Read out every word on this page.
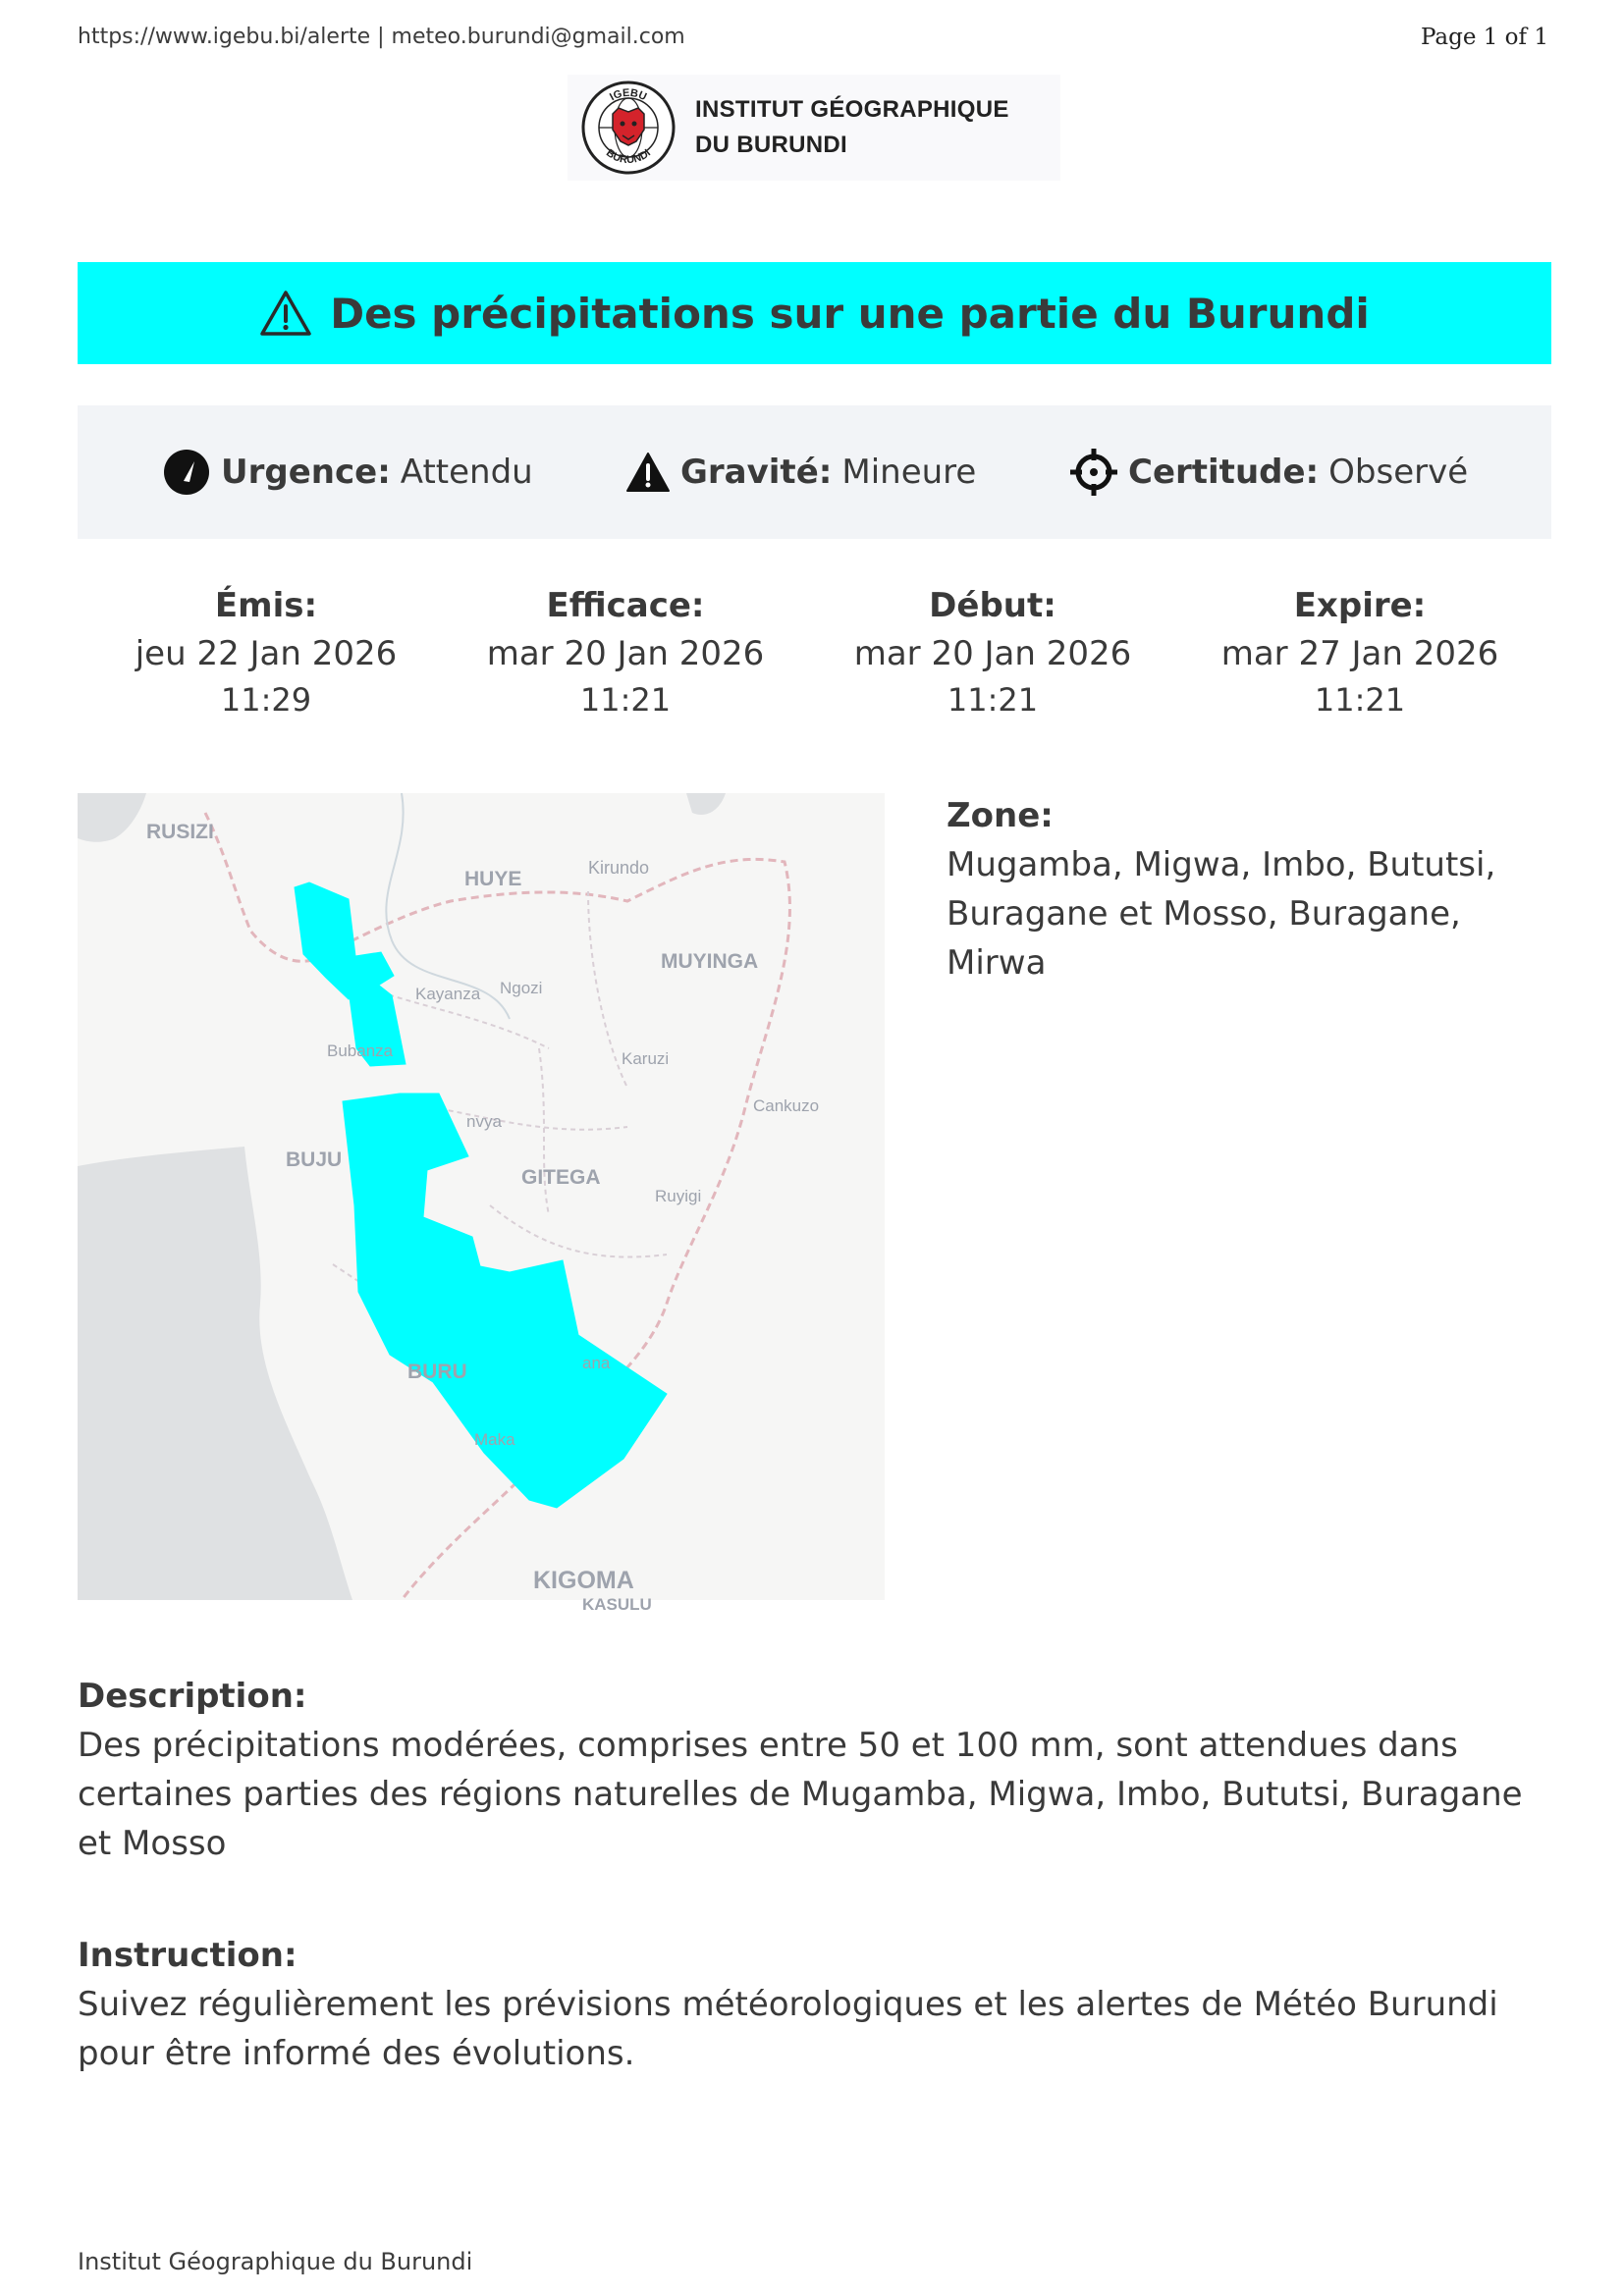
https://www.igebu.bi/alerte | meteo.burundi@gmail.com	Page 1 of 1
IGEBU
BURUNDI
INSTITUT GÉOGRAPHIQUE
DU BURUNDI
Des précipitations sur une partie du Burundi
Urgence: Attendu	Gravité: Mineure	Certitude: Observé
Émis:
jeu 22 Jan 2026
11:29
Efficace:
mar 20 Jan 2026
11:21
Début:
mar 20 Jan 2026
11:21
Expire:
mar 27 Jan 2026
11:21
RUSIZI
HUYE	Kirundo
MUYINGA
Kayanza Ngozi
Bubanza	Karuzi
Cankuzo
nvya
BUJU
GITEGA
Ruyigi
BURU	ana
Maka
KIGOMA
KASULU
Zone:
Mugamba, Migwa, Imbo, Bututsi, Buragane et Mosso, Buragane, Mirwa
Description:
Des précipitations modérées, comprises entre 50 et 100 mm, sont attendues dans certaines parties des régions naturelles de Mugamba, Migwa, Imbo, Bututsi, Buragane et Mosso
Instruction:
Suivez régulièrement les prévisions météorologiques et les alertes de Météo Burundi pour être informé des évolutions.
Institut Géographique du Burundi
